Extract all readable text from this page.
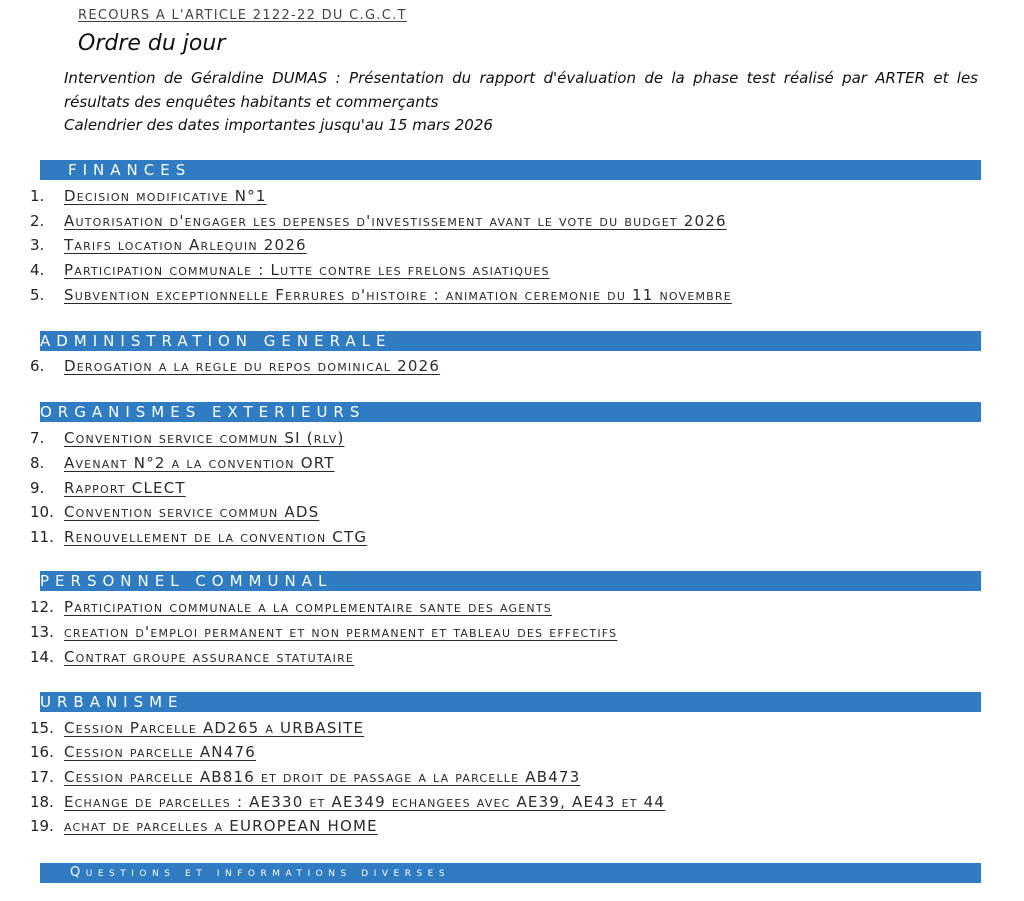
RECOURS A L'ARTICLE 2122-22 DU C.G.C.T
Ordre du jour
Intervention de Géraldine DUMAS : Présentation du rapport d'évaluation de la phase test réalisé par ARTER et les résultats des enquêtes habitants et commerçants
Calendrier des dates importantes jusqu'au 15 mars 2026
FINANCES
1. Decision modificative N°1
2. Autorisation d'engager les depenses d'investissement avant le vote du budget 2026
3. Tarifs location Arlequin 2026
4. Participation communale : Lutte contre les frelons asiatiques
5. Subvention exceptionnelle Ferrures d'histoire : animation ceremonie du 11 novembre
ADMINISTRATION GENERALE
6. Derogation a la regle du repos dominical 2026
ORGANISMES EXTERIEURS
7. Convention service commun SI (rlv)
8. Avenant N°2 a la convention ORT
9. Rapport CLECT
10. Convention service commun ADS
11. Renouvellement de la convention CTG
PERSONNEL COMMUNAL
12. Participation communale a la complementaire sante des agents
13. creation d'emploi permanent et non permanent et tableau des effectifs
14. Contrat groupe assurance statutaire
URBANISME
15. Cession Parcelle AD265 a URBASITE
16. Cession parcelle AN476
17. Cession parcelle AB816 et droit de passage a la parcelle AB473
18. Echange de parcelles : AE330 et AE349 echangees avec AE39, AE43 et 44
19. achat de parcelles a EUROPEAN HOME
Questions et informations diverses
